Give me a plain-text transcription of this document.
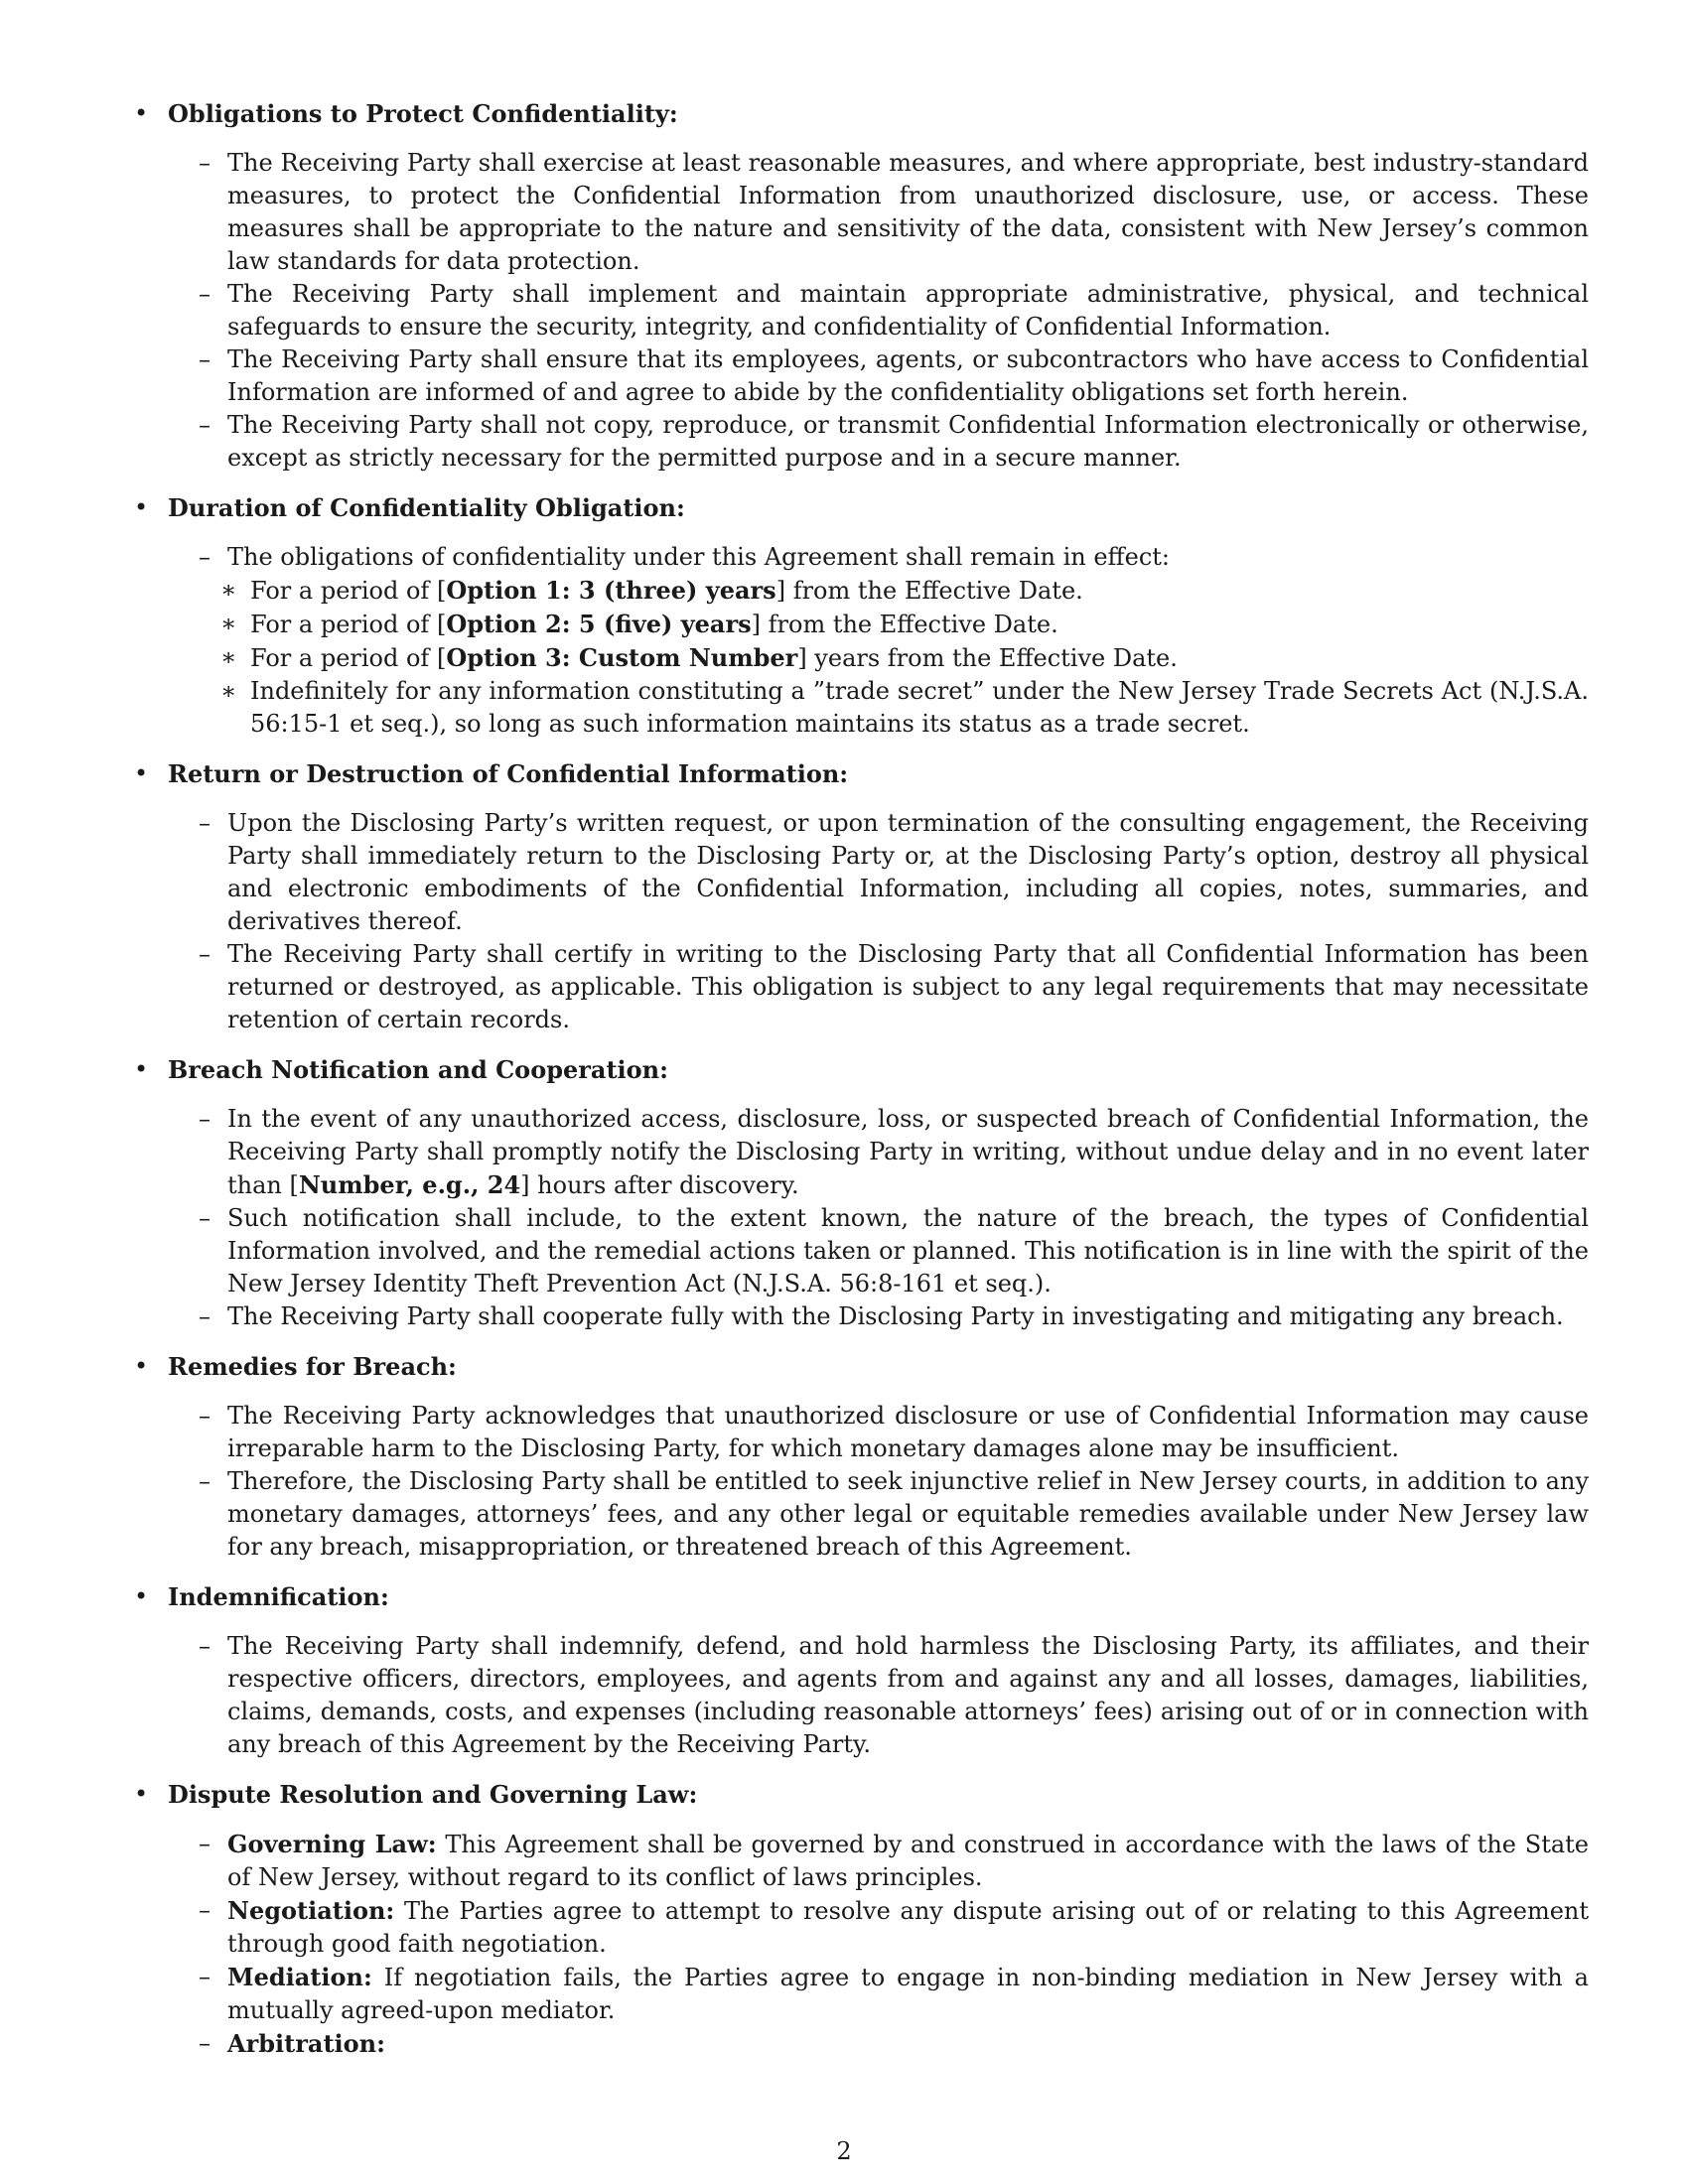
• Obligations to Protect Confidentiality:
– The Receiving Party shall exercise at least reasonable measures, and where appropriate, best industry-standard measures, to protect the Confidential Information from unauthorized disclosure, use, or access. These measures shall be appropriate to the nature and sensitivity of the data, consistent with New Jersey’s common law standards for data protection.
– The Receiving Party shall implement and maintain appropriate administrative, physical, and technical safeguards to ensure the security, integrity, and confidentiality of Confidential Information.
– The Receiving Party shall ensure that its employees, agents, or subcontractors who have access to Confidential Information are informed of and agree to abide by the confidentiality obligations set forth herein.
– The Receiving Party shall not copy, reproduce, or transmit Confidential Information electronically or otherwise, except as strictly necessary for the permitted purpose and in a secure manner.
• Duration of Confidentiality Obligation:
– The obligations of confidentiality under this Agreement shall remain in effect:
∗ For a period of [Option 1: 3 (three) years] from the Effective Date.
∗ For a period of [Option 2: 5 (five) years] from the Effective Date.
∗ For a period of [Option 3: Custom Number] years from the Effective Date.
∗ Indefinitely for any information constituting a ”trade secret” under the New Jersey Trade Secrets Act (N.J.S.A. 56:15-1 et seq.), so long as such information maintains its status as a trade secret.
• Return or Destruction of Confidential Information:
– Upon the Disclosing Party’s written request, or upon termination of the consulting engagement, the Receiving Party shall immediately return to the Disclosing Party or, at the Disclosing Party’s option, destroy all physical and electronic embodiments of the Confidential Information, including all copies, notes, summaries, and derivatives thereof.
– The Receiving Party shall certify in writing to the Disclosing Party that all Confidential Information has been returned or destroyed, as applicable. This obligation is subject to any legal requirements that may necessitate retention of certain records.
• Breach Notification and Cooperation:
– In the event of any unauthorized access, disclosure, loss, or suspected breach of Confidential Information, the Receiving Party shall promptly notify the Disclosing Party in writing, without undue delay and in no event later than [Number, e.g., 24] hours after discovery.
– Such notification shall include, to the extent known, the nature of the breach, the types of Confidential Information involved, and the remedial actions taken or planned. This notification is in line with the spirit of the New Jersey Identity Theft Prevention Act (N.J.S.A. 56:8-161 et seq.).
– The Receiving Party shall cooperate fully with the Disclosing Party in investigating and mitigating any breach.
• Remedies for Breach:
– The Receiving Party acknowledges that unauthorized disclosure or use of Confidential Information may cause irreparable harm to the Disclosing Party, for which monetary damages alone may be insufficient.
– Therefore, the Disclosing Party shall be entitled to seek injunctive relief in New Jersey courts, in addition to any monetary damages, attorneys’ fees, and any other legal or equitable remedies available under New Jersey law for any breach, misappropriation, or threatened breach of this Agreement.
• Indemnification:
– The Receiving Party shall indemnify, defend, and hold harmless the Disclosing Party, its affiliates, and their respective officers, directors, employees, and agents from and against any and all losses, damages, liabilities, claims, demands, costs, and expenses (including reasonable attorneys’ fees) arising out of or in connection with any breach of this Agreement by the Receiving Party.
• Dispute Resolution and Governing Law:
– Governing Law: This Agreement shall be governed by and construed in accordance with the laws of the State of New Jersey, without regard to its conflict of laws principles.
– Negotiation: The Parties agree to attempt to resolve any dispute arising out of or relating to this Agreement through good faith negotiation.
– Mediation: If negotiation fails, the Parties agree to engage in non-binding mediation in New Jersey with a mutually agreed-upon mediator.
– Arbitration:
2
